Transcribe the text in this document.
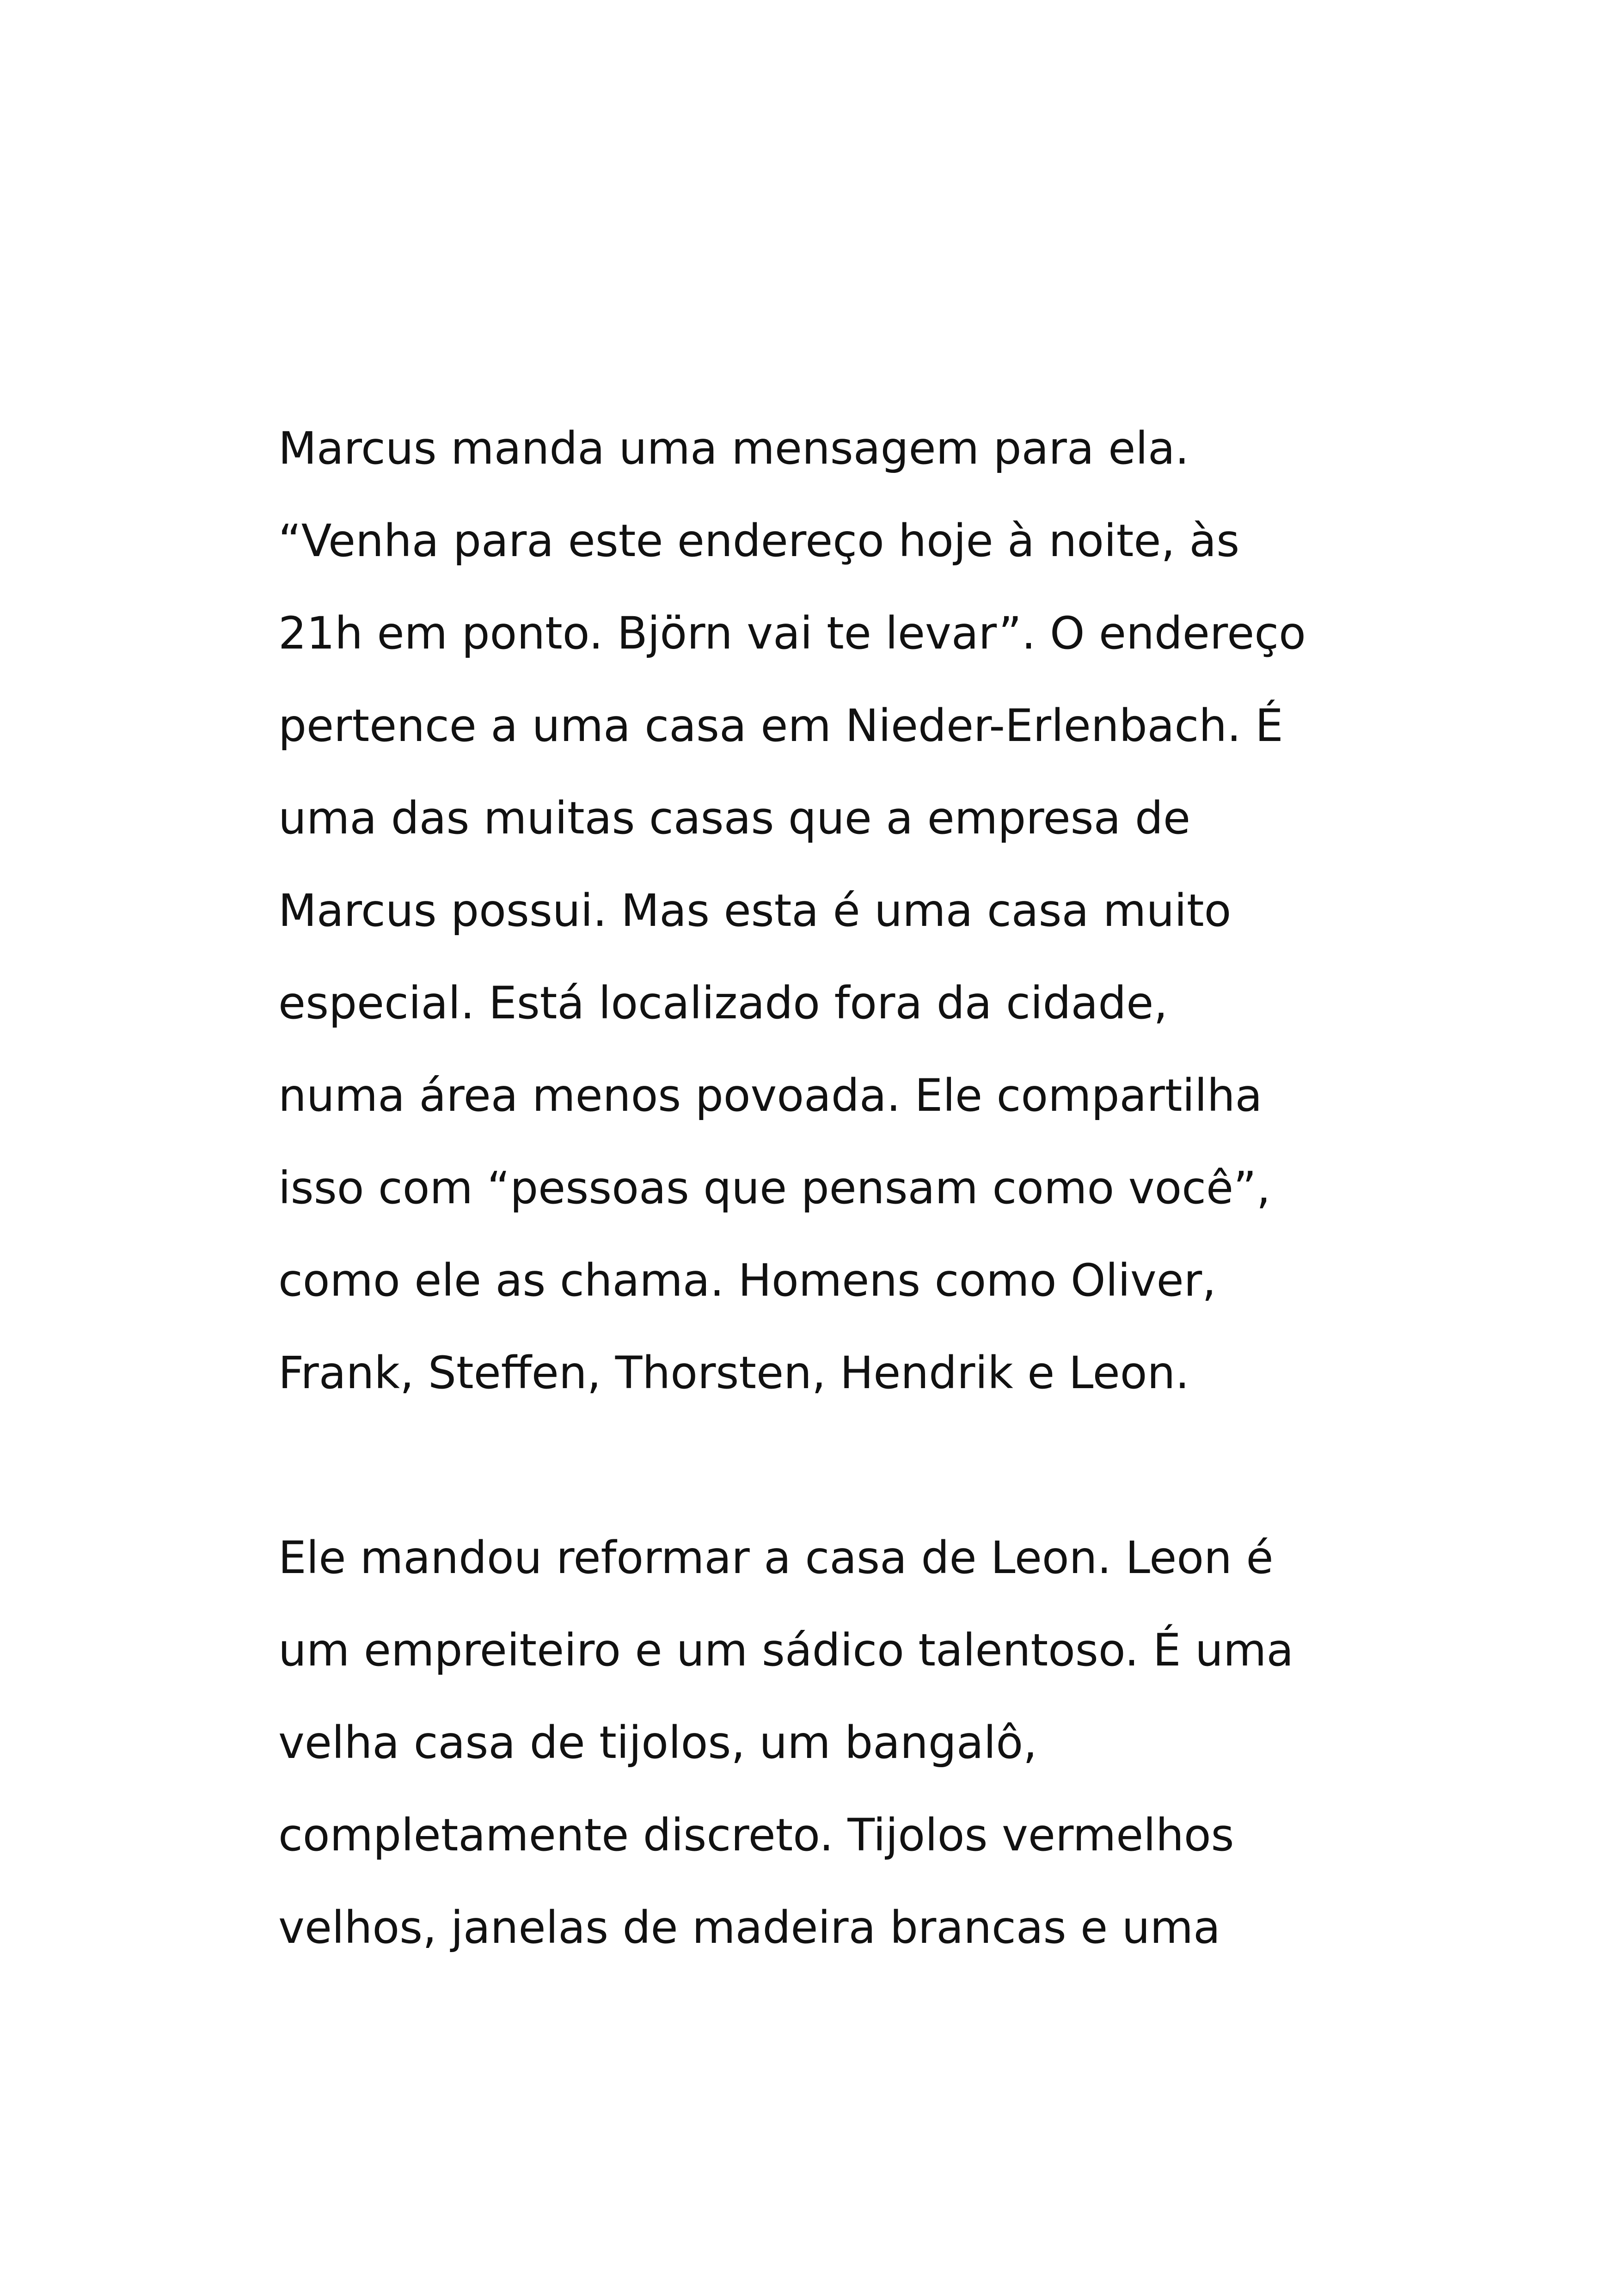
Marcus manda uma mensagem para ela.
“Venha para este endereço hoje à noite, às
21h em ponto. Björn vai te levar”. O endereço
pertence a uma casa em Nieder-Erlenbach. É
uma das muitas casas que a empresa de
Marcus possui. Mas esta é uma casa muito
especial. Está localizado fora da cidade,
numa área menos povoada. Ele compartilha
isso com “pessoas que pensam como você”,
como ele as chama. Homens como Oliver,
Frank, Steffen, Thorsten, Hendrik e Leon.
Ele mandou reformar a casa de Leon. Leon é
um empreiteiro e um sádico talentoso. É uma
velha casa de tijolos, um bangalô,
completamente discreto. Tijolos vermelhos
velhos, janelas de madeira brancas e uma
